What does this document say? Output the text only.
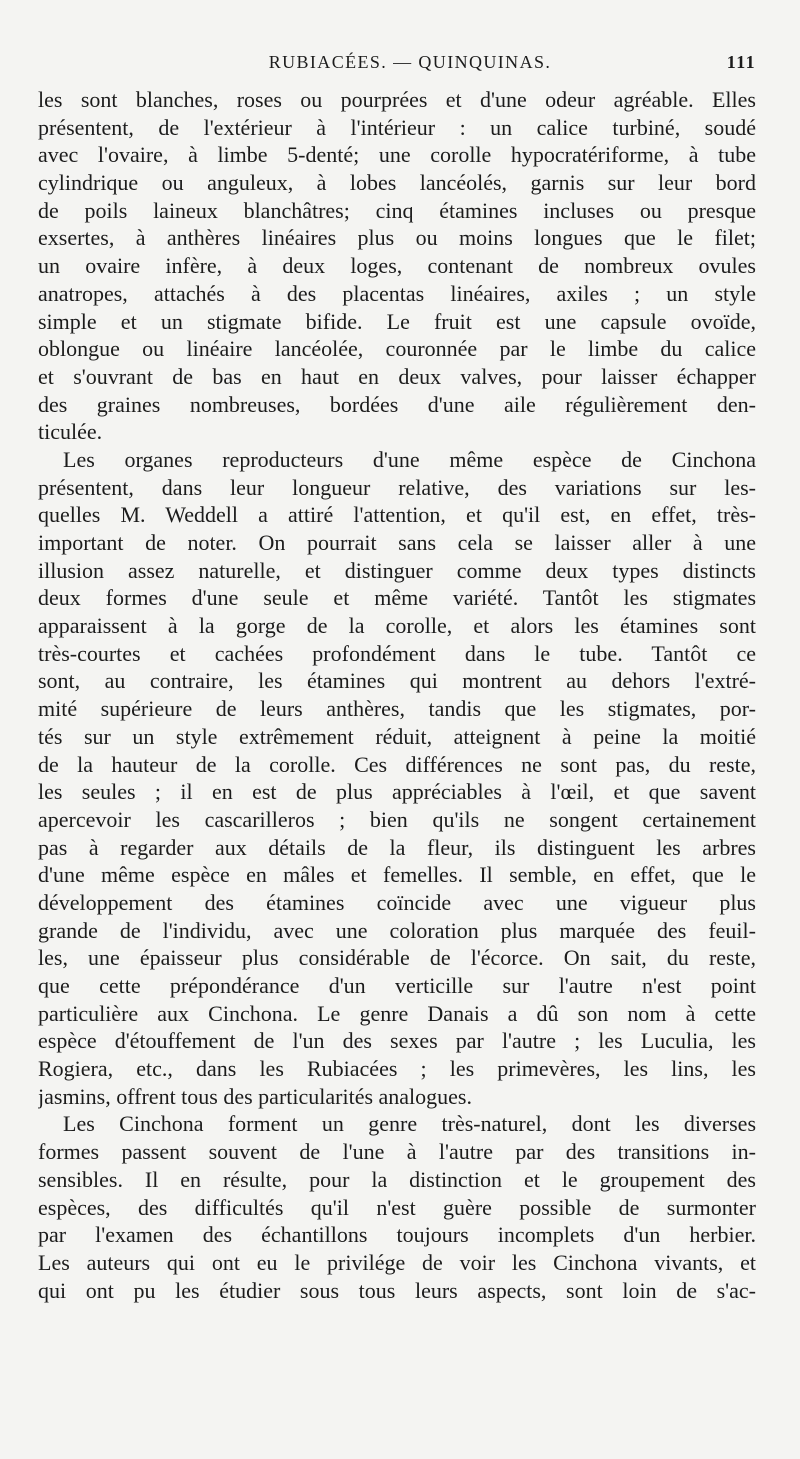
RUBIACÉES. — QUINQUINAS.	111
les sont blanches, roses ou pourprées et d'une odeur agréable. Elles
présentent, de l'extérieur à l'intérieur : un calice turbiné, soudé
avec l'ovaire, à limbe 5-denté; une corolle hypocratériforme, à tube
cylindrique ou anguleux, à lobes lancéolés, garnis sur leur bord
de poils laineux blanchâtres; cinq étamines incluses ou presque
exsertes, à anthères linéaires plus ou moins longues que le filet;
un ovaire infère, à deux loges, contenant de nombreux ovules
anatropes, attachés à des placentas linéaires, axiles ; un style
simple et un stigmate bifide. Le fruit est une capsule ovoïde,
oblongue ou linéaire lancéolée, couronnée par le limbe du calice
et s'ouvrant de bas en haut en deux valves, pour laisser échapper
des graines nombreuses, bordées d'une aile régulièrement den-
ticulée.
Les organes reproducteurs d'une même espèce de Cinchona
présentent, dans leur longueur relative, des variations sur les-
quelles M. Weddell a attiré l'attention, et qu'il est, en effet, très-
important de noter. On pourrait sans cela se laisser aller à une
illusion assez naturelle, et distinguer comme deux types distincts
deux formes d'une seule et même variété. Tantôt les stigmates
apparaissent à la gorge de la corolle, et alors les étamines sont
très-courtes et cachées profondément dans le tube. Tantôt ce
sont, au contraire, les étamines qui montrent au dehors l'extré-
mité supérieure de leurs anthères, tandis que les stigmates, por-
tés sur un style extrêmement réduit, atteignent à peine la moitié
de la hauteur de la corolle. Ces différences ne sont pas, du reste,
les seules ; il en est de plus appréciables à l'œil, et que savent
apercevoir les cascarilleros ; bien qu'ils ne songent certainement
pas à regarder aux détails de la fleur, ils distinguent les arbres
d'une même espèce en mâles et femelles. Il semble, en effet, que le
développement des étamines coïncide avec une vigueur plus
grande de l'individu, avec une coloration plus marquée des feuil-
les, une épaisseur plus considérable de l'écorce. On sait, du reste,
que cette prépondérance d'un verticille sur l'autre n'est point
particulière aux Cinchona. Le genre Danais a dû son nom à cette
espèce d'étouffement de l'un des sexes par l'autre ; les Luculia, les
Rogiera, etc., dans les Rubiacées ; les primevères, les lins, les
jasmins, offrent tous des particularités analogues.
Les Cinchona forment un genre très-naturel, dont les diverses
formes passent souvent de l'une à l'autre par des transitions in-
sensibles. Il en résulte, pour la distinction et le groupement des
espèces, des difficultés qu'il n'est guère possible de surmonter
par l'examen des échantillons toujours incomplets d'un herbier.
Les auteurs qui ont eu le privilége de voir les Cinchona vivants, et
qui ont pu les étudier sous tous leurs aspects, sont loin de s'ac-
